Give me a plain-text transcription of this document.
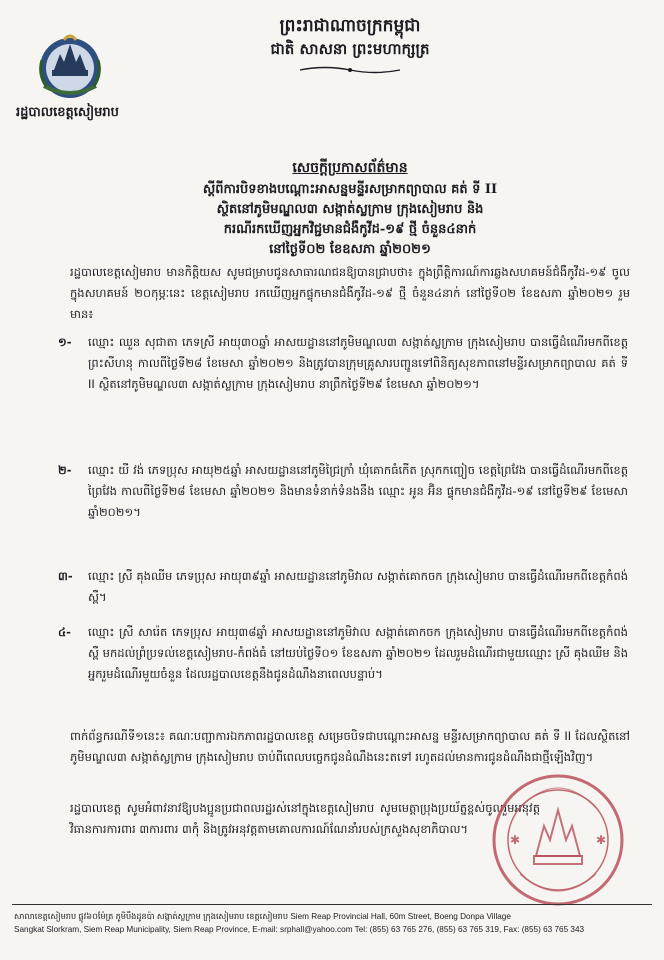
ព្រះរាជាណាចក្រកម្ពុជា
ជាតិ សាសនា ព្រះមហាក្សត្រ
រដ្ឋបាលខេត្តសៀមរាប
សេចក្តីប្រកាសព័ត៌មាន
ស្តីពីការបិទខាងបណ្តោះអាសន្នមន្ទីរសម្រាកព្យាបាល គត់ ទី II
ស្ថិតនៅភូមិមណ្ឌល៣ សង្កាត់ស្លក្រាម ក្រុងសៀមរាប និង
ករណីរកឃើញអ្នកវិជ្ជមានជំងឺកូវីដ-១៩ ថ្មី ចំនួន៤នាក់
នៅថ្ងៃទី០២ ខែឧសភា ឆ្នាំ២០២១
រដ្ឋបាលខេត្តសៀមរាប មានកិត្តិយស សូមជម្រាបជូនសាធារណជនឱ្យបានជ្រាបថា៖ ក្នុងព្រឹត្តិការណ៍ការឆ្លងសហគមន៍ជំងឺកូវីដ-១៩ ចូលក្នុងសហគមន៍ ២០កុម្ភៈនេះ ខេត្តសៀមរាប រកឃើញអ្នកផ្ទុកមានជំងឺកូវីដ-១៩ ថ្មី ចំនួន៤នាក់ នៅថ្ងៃទី០២ ខែឧសភា ឆ្នាំ២០២១ រួមមាន៖
១- ឈ្មោះ ឈួន សុជាតា ភេទស្រី អាយុ៣០ឆ្នាំ អាសយដ្ឋាននៅភូមិមណ្ឌល៣ សង្កាត់ស្លក្រាម ក្រុងសៀមរាប បានធ្វើដំណើរមកពីខេត្តព្រះសីហនុ កាលពីថ្ងៃទី២៨ ខែមេសា ឆ្នាំ២០២១ និងត្រូវបានក្រុមគ្រូសារបញ្ជូនទៅពិនិត្យសុខភាពនៅមន្ទីរសម្រាកព្យាបាល គត់ ទី II ស្ថិតនៅភូមិមណ្ឌល៣ សង្កាត់ស្លក្រាម ក្រុងសៀមរាប នាព្រឹកថ្ងៃទី២៩ ខែមេសា ឆ្នាំ២០២១។
២- ឈ្មោះ យី វង់ ភេទប្រុស អាយុ២៥ឆ្នាំ អាសយដ្ឋាននៅភូមិជ្រៃក្រាំ ឃុំគោកធំកើត ស្រុកកញ្ចៀច ខេត្តព្រៃវែង បានធ្វើដំណើរមកពីខេត្តព្រៃវែង កាលពីថ្ងៃទី២៨ ខែមេសា ឆ្នាំ២០២១ និងមានទំនាក់ទំនងនឹង ឈ្មោះ អូន អ៊ិន ផ្ទុកមានជំងឺកូវីដ-១៩ នៅថ្ងៃទី២៩ ខែមេសា ឆ្នាំ២០២១។
៣- ឈ្មោះ ស្រី គុងឈីម ភេទប្រុស អាយុ៣៩ឆ្នាំ អាសយដ្ឋាននៅភូមិវាល សង្កាត់គោកចក ក្រុងសៀមរាប បានធ្វើដំណើរមកពីខេត្តកំពង់ស្ពឺ។
៤- ឈ្មោះ ស្រី សារ៉េត ភេទប្រុស អាយុ៣៨ឆ្នាំ អាសយដ្ឋាននៅភូមិវាល សង្កាត់គោកចក ក្រុងសៀមរាប បានធ្វើដំណើរមកពីខេត្តកំពង់ស្ពឺ មកដល់ព្រំប្រទល់ខេត្តសៀមរាប-កំពង់ធំ នៅយប់ថ្ងៃទី០១ ខែឧសភា ឆ្នាំ២០២១ ដែលរួមដំណើរជាមួយឈ្មោះ ស្រី គុងឈីម និងអ្នករួមដំណើរមួយចំនួន ដែលរដ្ឋបាលខេត្តនឹងជូនដំណឹងនាពេលបន្ទាប់។
ពាក់ព័ន្ធករណីទី១នេះ៖ គណៈបញ្ជាការឯកភាពរដ្ឋបាលខេត្ត សម្រេចបិទជាបណ្តោះអាសន្ន មន្ទីរសម្រាកព្យាបាល គត់ ទី II ដែលស្ថិតនៅភូមិមណ្ឌល៣ សង្កាត់ស្លក្រាម ក្រុងសៀមរាប ចាប់ពីពេលបច្ចេកជូនដំណឹងនេះតទៅ រហូតដល់មានការជូនដំណឹងជាថ្មីឡើងវិញ។
រដ្ឋបាលខេត្ត សូមអំពាវនាវឱ្យបងប្អូនប្រជាពលរដ្ឋរស់នៅក្នុងខេត្តសៀមរាប សូមមេត្តាប្រុងប្រយ័ត្នខ្ពស់ចូលរួមអនុវត្តវិធានការការពារ ៣ការពារ ៣កុំ និងត្រូវអនុវត្តតាមគោលការណ៍ណែនាំរបស់ក្រសួងសុខាភិបាល។
✱	✱
សាលាខេត្តសៀមរាប ផ្លូវ៦០ម៉ែត្រ ភូមិបឹងដូនប៉ា សង្កាត់ស្លក្រាម ក្រុងសៀមរាប ខេត្តសៀមរាប Siem Reap Provincial Hall, 60m Street, Boeng Donpa Village
Sangkat Slorkram, Siem Reap Municipality, Siem Reap Province, E-mail: srphall@yahoo.com Tel: (855) 63 765 276, (855) 63 765 319, Fax: (855) 63 765 343
